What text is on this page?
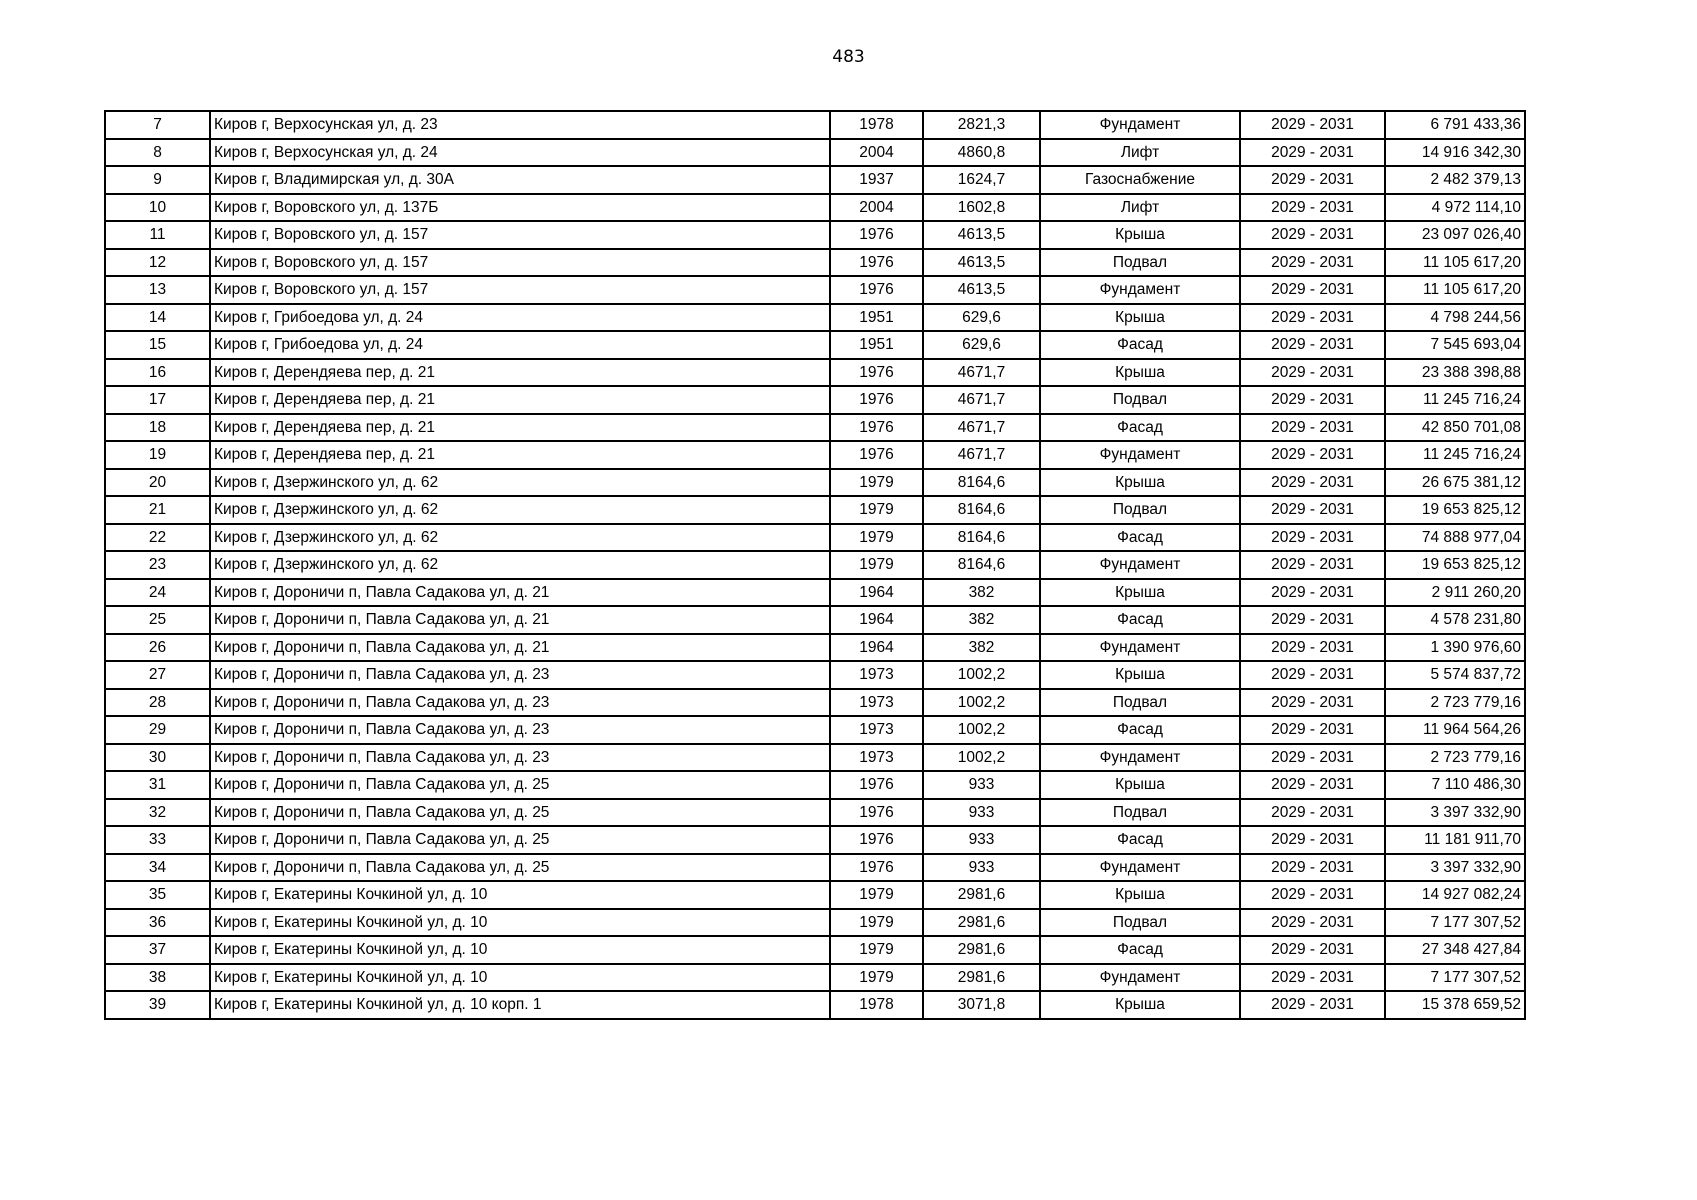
483
7	Киров г, Верхосунская ул, д. 23	1978	2821,3	Фундамент	2029 - 2031	6 791 433,36
8	Киров г, Верхосунская ул, д. 24	2004	4860,8	Лифт	2029 - 2031	14 916 342,30
9	Киров г, Владимирская ул, д. 30А	1937	1624,7	Газоснабжение	2029 - 2031	2 482 379,13
10	Киров г, Воровского ул, д. 137Б	2004	1602,8	Лифт	2029 - 2031	4 972 114,10
11	Киров г, Воровского ул, д. 157	1976	4613,5	Крыша	2029 - 2031	23 097 026,40
12	Киров г, Воровского ул, д. 157	1976	4613,5	Подвал	2029 - 2031	11 105 617,20
13	Киров г, Воровского ул, д. 157	1976	4613,5	Фундамент	2029 - 2031	11 105 617,20
14	Киров г, Грибоедова ул, д. 24	1951	629,6	Крыша	2029 - 2031	4 798 244,56
15	Киров г, Грибоедова ул, д. 24	1951	629,6	Фасад	2029 - 2031	7 545 693,04
16	Киров г, Дерендяева пер, д. 21	1976	4671,7	Крыша	2029 - 2031	23 388 398,88
17	Киров г, Дерендяева пер, д. 21	1976	4671,7	Подвал	2029 - 2031	11 245 716,24
18	Киров г, Дерендяева пер, д. 21	1976	4671,7	Фасад	2029 - 2031	42 850 701,08
19	Киров г, Дерендяева пер, д. 21	1976	4671,7	Фундамент	2029 - 2031	11 245 716,24
20	Киров г, Дзержинского ул, д. 62	1979	8164,6	Крыша	2029 - 2031	26 675 381,12
21	Киров г, Дзержинского ул, д. 62	1979	8164,6	Подвал	2029 - 2031	19 653 825,12
22	Киров г, Дзержинского ул, д. 62	1979	8164,6	Фасад	2029 - 2031	74 888 977,04
23	Киров г, Дзержинского ул, д. 62	1979	8164,6	Фундамент	2029 - 2031	19 653 825,12
24	Киров г, Дороничи п, Павла Садакова ул, д. 21	1964	382	Крыша	2029 - 2031	2 911 260,20
25	Киров г, Дороничи п, Павла Садакова ул, д. 21	1964	382	Фасад	2029 - 2031	4 578 231,80
26	Киров г, Дороничи п, Павла Садакова ул, д. 21	1964	382	Фундамент	2029 - 2031	1 390 976,60
27	Киров г, Дороничи п, Павла Садакова ул, д. 23	1973	1002,2	Крыша	2029 - 2031	5 574 837,72
28	Киров г, Дороничи п, Павла Садакова ул, д. 23	1973	1002,2	Подвал	2029 - 2031	2 723 779,16
29	Киров г, Дороничи п, Павла Садакова ул, д. 23	1973	1002,2	Фасад	2029 - 2031	11 964 564,26
30	Киров г, Дороничи п, Павла Садакова ул, д. 23	1973	1002,2	Фундамент	2029 - 2031	2 723 779,16
31	Киров г, Дороничи п, Павла Садакова ул, д. 25	1976	933	Крыша	2029 - 2031	7 110 486,30
32	Киров г, Дороничи п, Павла Садакова ул, д. 25	1976	933	Подвал	2029 - 2031	3 397 332,90
33	Киров г, Дороничи п, Павла Садакова ул, д. 25	1976	933	Фасад	2029 - 2031	11 181 911,70
34	Киров г, Дороничи п, Павла Садакова ул, д. 25	1976	933	Фундамент	2029 - 2031	3 397 332,90
35	Киров г, Екатерины Кочкиной ул, д. 10	1979	2981,6	Крыша	2029 - 2031	14 927 082,24
36	Киров г, Екатерины Кочкиной ул, д. 10	1979	2981,6	Подвал	2029 - 2031	7 177 307,52
37	Киров г, Екатерины Кочкиной ул, д. 10	1979	2981,6	Фасад	2029 - 2031	27 348 427,84
38	Киров г, Екатерины Кочкиной ул, д. 10	1979	2981,6	Фундамент	2029 - 2031	7 177 307,52
39	Киров г, Екатерины Кочкиной ул, д. 10 корп. 1	1978	3071,8	Крыша	2029 - 2031	15 378 659,52
